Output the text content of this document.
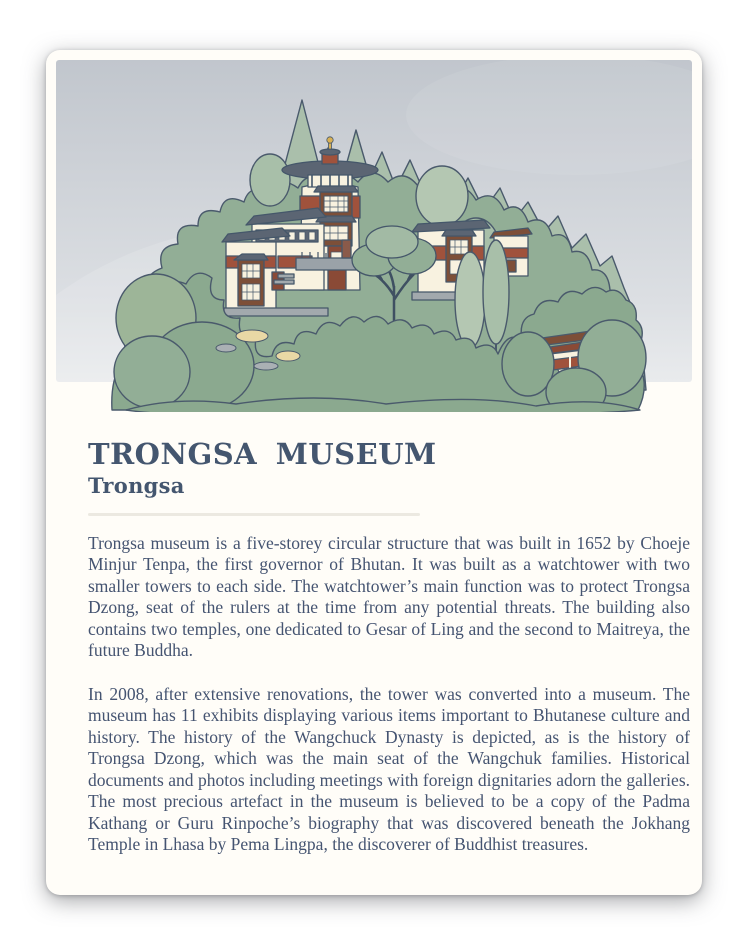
TRONGSA MUSEUM
Trongsa

Trongsa museum is a five-storey circular structure that was built in 1652 by Choeje Minjur Tenpa, the first governor of Bhutan. It was built as a watchtower with two smaller towers to each side. The watchtower’s main function was to protect Trongsa Dzong, seat of the rulers at the time from any potential threats. The building also contains two temples, one dedicated to Gesar of Ling and the second to Maitreya, the future Buddha.

In 2008, after extensive renovations, the tower was converted into a museum. The museum has 11 exhibits displaying various items important to Bhutanese culture and history. The history of the Wangchuck Dynasty is depicted, as is the history of Trongsa Dzong, which was the main seat of the Wangchuk families. Historical documents and photos including meetings with foreign dignitaries adorn the galleries. The most precious artefact in the museum is believed to be a copy of the Padma Kathang or Guru Rinpoche’s biography that was discovered beneath the Jokhang Temple in Lhasa by Pema Lingpa, the discoverer of Buddhist treasures.
